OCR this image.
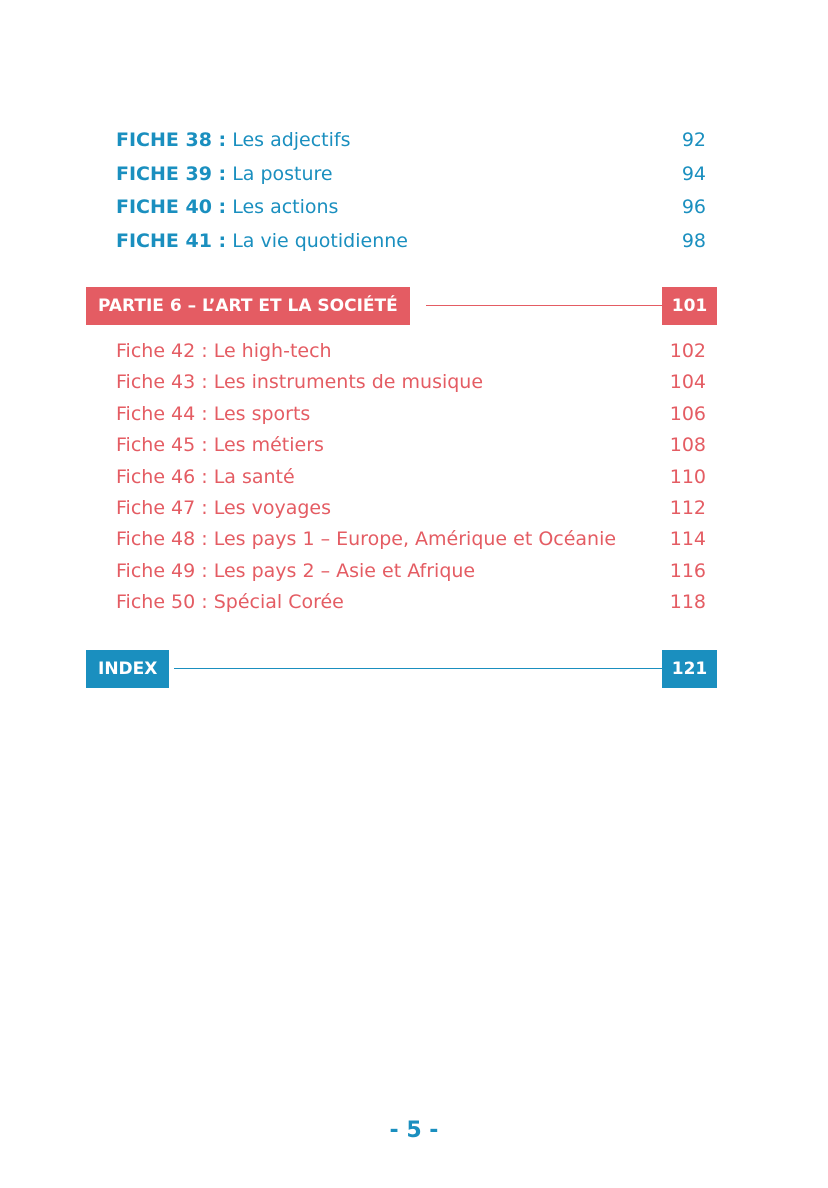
FICHE 38 : Les adjectifs	92
FICHE 39 : La posture	94
FICHE 40 : Les actions	96
FICHE 41 : La vie quotidienne	98
PARTIE 6 – L’ART ET LA SOCIÉTÉ	101
Fiche 42 : Le high-tech	102
Fiche 43 : Les instruments de musique	104
Fiche 44 : Les sports	106
Fiche 45 : Les métiers	108
Fiche 46 : La santé	110
Fiche 47 : Les voyages	112
Fiche 48 : Les pays 1 – Europe, Amérique et Océanie	114
Fiche 49 : Les pays 2 – Asie et Afrique	116
Fiche 50 : Spécial Corée	118
INDEX	121
- 5 -
